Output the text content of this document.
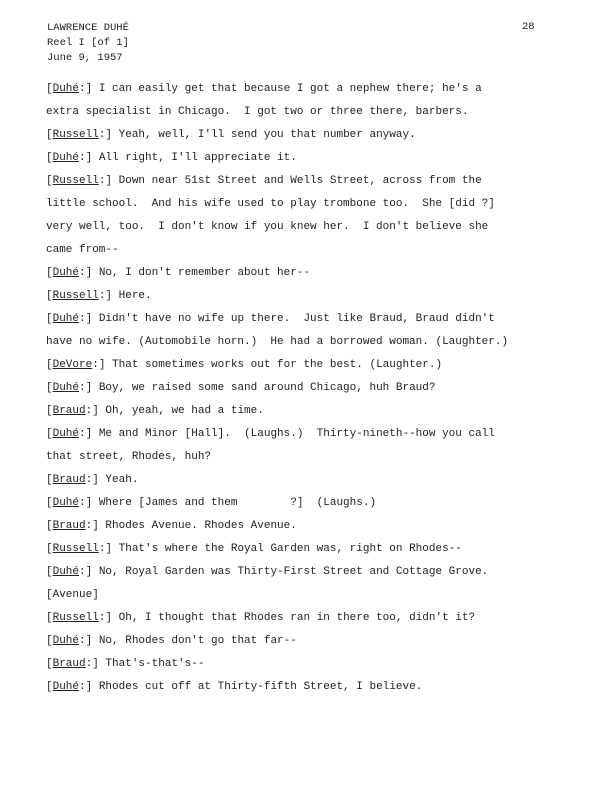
LAWRENCE DUHÉ
Reel I [of 1]
June 9, 1957
28
[Duhé:] I can easily get that because I got a nephew there; he's a
extra specialist in Chicago.  I got two or three there, barbers.
[Russell:] Yeah, well, I'll send you that number anyway.
[Duhé:] All right, I'll appreciate it.
[Russell:] Down near 51st Street and Wells Street, across from the
little school.  And his wife used to play trombone too.  She [did ?]
very well, too.  I don't know if you knew her.  I don't believe she
came from--
[Duhé:] No, I don't remember about her--
[Russell:] Here.
[Duhé:] Didn't have no wife up there.  Just like Braud, Braud didn't
have no wife. (Automobile horn.)  He had a borrowed woman. (Laughter.)
[DeVore:] That sometimes works out for the best. (Laughter.)
[Duhé:] Boy, we raised some sand around Chicago, huh Braud?
[Braud:] Oh, yeah, we had a time.
[Duhé:] Me and Minor [Hall].  (Laughs.)  Thirty-nineth--how you call
that street, Rhodes, huh?
[Braud:] Yeah.
[Duhé:] Where [James and them        ?]  (Laughs.)
[Braud:] Rhodes Avenue. Rhodes Avenue.
[Russell:] That's where the Royal Garden was, right on Rhodes--
[Duhé:] No, Royal Garden was Thirty-First Street and Cottage Grove.
[Avenue]
[Russell:] Oh, I thought that Rhodes ran in there too, didn't it?
[Duhé:] No, Rhodes don't go that far--
[Braud:] That's-that's--
[Duhé:] Rhodes cut off at Thirty-fifth Street, I believe.
